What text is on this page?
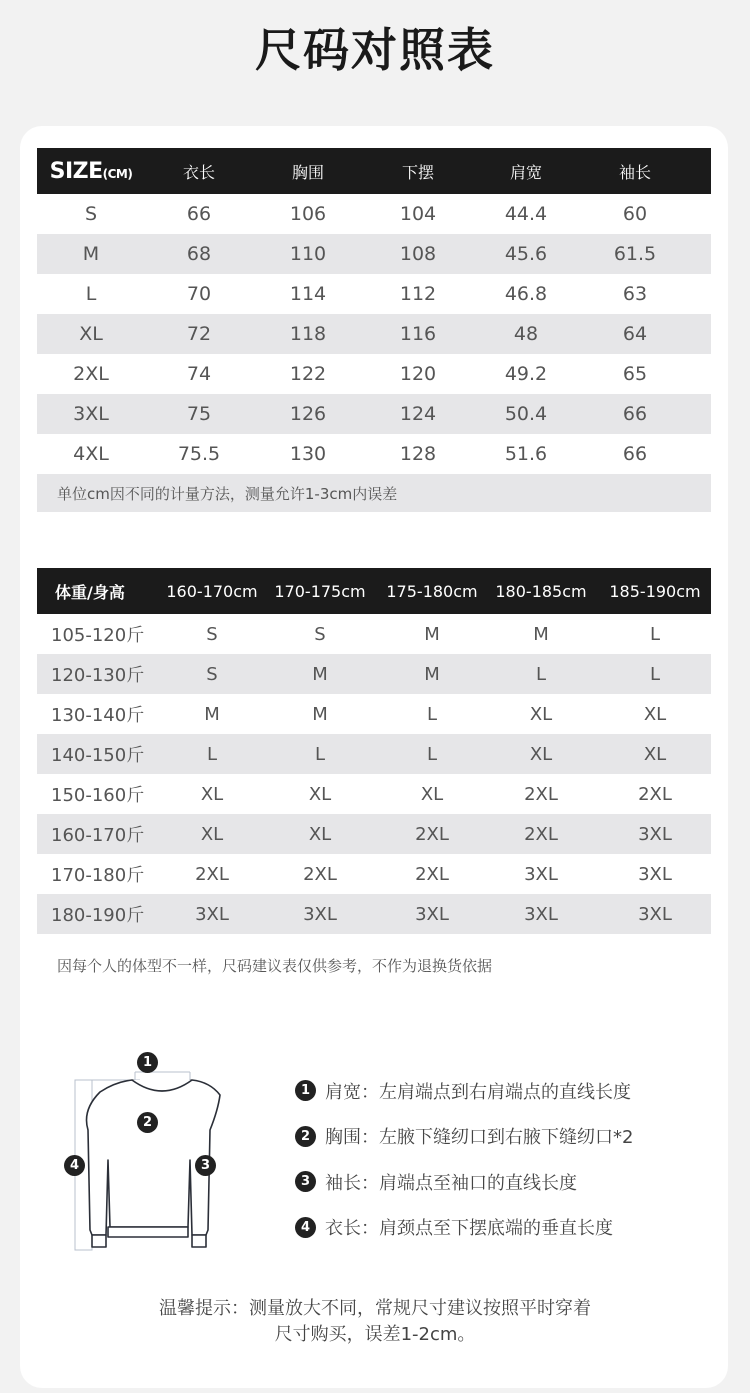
尺码对照表
SIZE(CM)	衣长	胸围	下摆	肩宽	袖长
S	66	106	104	44.4	60
M	68	110	108	45.6	61.5
L	70	114	112	46.8	63
XL	72	118	116	48	64
2XL	74	122	120	49.2	65
3XL	75	126	124	50.4	66
4XL	75.5	130	128	51.6	66
单位cm因不同的计量方法，测量允许1-3cm内误差
体重/身高	160-170cm	170-175cm	175-180cm	180-185cm	185-190cm
105-120斤	S	S	M	M	L
120-130斤	S	M	M	L	L
130-140斤	M	M	L	XL	XL
140-150斤	L	L	L	XL	XL
150-160斤	XL	XL	XL	2XL	2XL
160-170斤	XL	XL	2XL	2XL	3XL
170-180斤	2XL	2XL	2XL	3XL	3XL
180-190斤	3XL	3XL	3XL	3XL	3XL
因每个人的体型不一样，尺码建议表仅供参考，不作为退换货依据
1
2
3
4
1 肩宽：左肩端点到右肩端点的直线长度
2 胸围：左腋下缝纫口到右腋下缝纫口*2
3 袖长：肩端点至袖口的直线长度
4 衣长：肩颈点至下摆底端的垂直长度
温馨提示：测量放大不同，常规尺寸建议按照平时穿着
尺寸购买，误差1-2cm。
